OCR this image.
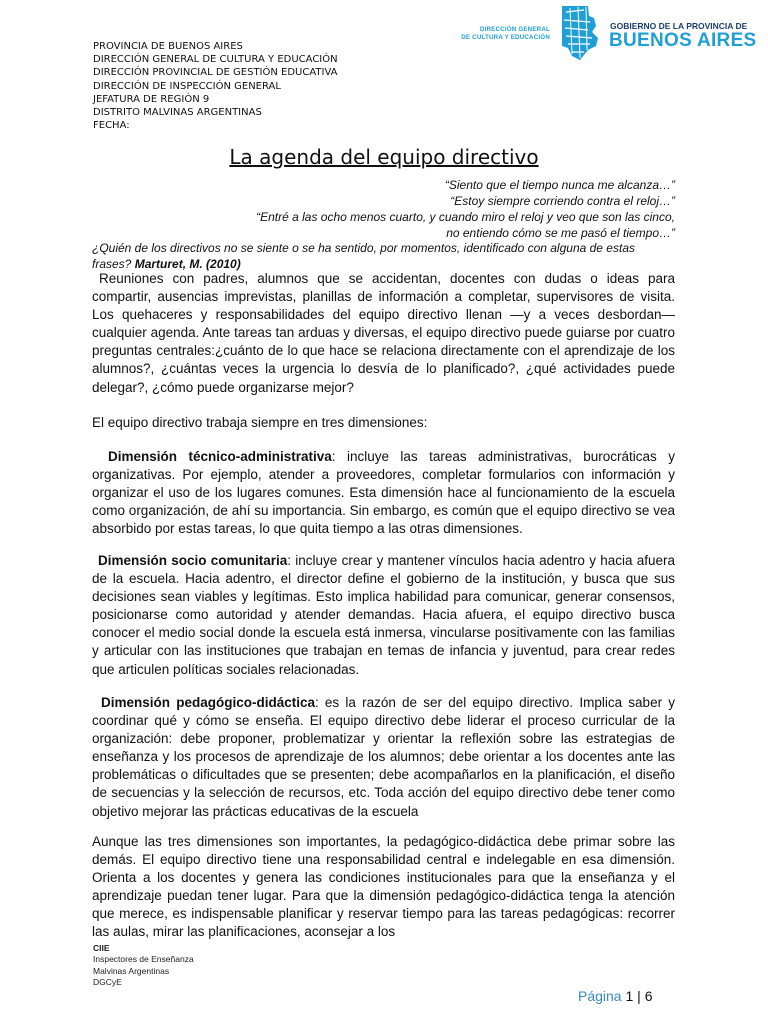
PROVINCIA DE BUENOS AIRES
DIRECCIÓN GENERAL DE CULTURA Y EDUCACIÓN
DIRECCIÓN PROVINCIAL DE GESTIÓN EDUCATIVA
DIRECCIÓN DE INSPECCIÓN GENERAL
JEFATURA DE REGIÓN 9
DISTRITO MALVINAS ARGENTINAS
FECHA:
DIRECCIÓN GENERAL
DE CULTURA Y EDUCACIÓN
GOBIERNO DE LA PROVINCIA DE
BUENOS AIRES
La agenda del equipo directivo
“Siento que el tiempo nunca me alcanza…”
“Estoy siempre corriendo contra el reloj…”
“Entré a las ocho menos cuarto, y cuando miro el reloj y veo que son las cinco,
no entiendo cómo se me pasó el tiempo…”
¿Quién de los directivos no se siente o se ha sentido, por momentos, identificado con alguna de estas frases? Marturet, M. (2010)
Reuniones con padres, alumnos que se accidentan, docentes con dudas o ideas para compartir, ausencias imprevistas, planillas de información a completar, supervisores de visita. Los quehaceres y responsabilidades del equipo directivo llenan —y a veces desbordan— cualquier agenda. Ante tareas tan arduas y diversas, el equipo directivo puede guiarse por cuatro preguntas centrales:¿cuánto de lo que hace se relaciona directamente con el aprendizaje de los alumnos?, ¿cuántas veces la urgencia lo desvía de lo planificado?, ¿qué actividades puede delegar?, ¿cómo puede organizarse mejor?
El equipo directivo trabaja siempre en tres dimensiones:
Dimensión técnico-administrativa: incluye las tareas administrativas, burocráticas y organizativas. Por ejemplo, atender a proveedores, completar formularios con información y organizar el uso de los lugares comunes. Esta dimensión hace al funcionamiento de la escuela como organización, de ahí su importancia. Sin embargo, es común que el equipo directivo se vea absorbido por estas tareas, lo que quita tiempo a las otras dimensiones.
Dimensión socio comunitaria: incluye crear y mantener vínculos hacia adentro y hacia afuera de la escuela. Hacia adentro, el director define el gobierno de la institución, y busca que sus decisiones sean viables y legítimas. Esto implica habilidad para comunicar, generar consensos, posicionarse como autoridad y atender demandas. Hacia afuera, el equipo directivo busca conocer el medio social donde la escuela está inmersa, vincularse positivamente con las familias y articular con las instituciones que trabajan en temas de infancia y juventud, para crear redes que articulen políticas sociales relacionadas.
Dimensión pedagógico-didáctica: es la razón de ser del equipo directivo. Implica saber y coordinar qué y cómo se enseña. El equipo directivo debe liderar el proceso curricular de la organización: debe proponer, problematizar y orientar la reflexión sobre las estrategias de enseñanza y los procesos de aprendizaje de los alumnos; debe orientar a los docentes ante las problemáticas o dificultades que se presenten; debe acompañarlos en la planificación, el diseño de secuencias y la selección de recursos, etc. Toda acción del equipo directivo debe tener como objetivo mejorar las prácticas educativas de la escuela
Aunque las tres dimensiones son importantes, la pedagógico-didáctica debe primar sobre las demás. El equipo directivo tiene una responsabilidad central e indelegable en esa dimensión. Orienta a los docentes y genera las condiciones institucionales para que la enseñanza y el aprendizaje puedan tener lugar. Para que la dimensión pedagógico-didáctica tenga la atención que merece, es indispensable planificar y reservar tiempo para las tareas pedagógicas: recorrer las aulas, mirar las planificaciones, aconsejar a los
CIIE
Inspectores de Enseñanza
Malvinas Argentinas
DGCyE
Página 1 | 6
